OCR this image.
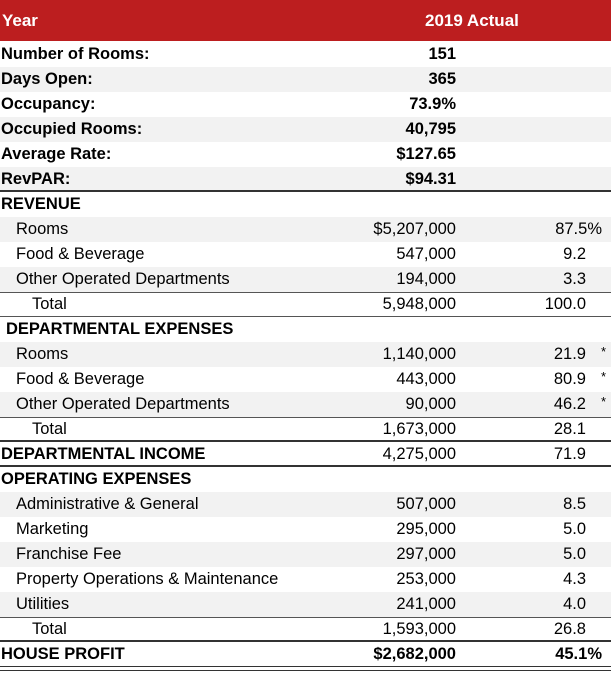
Year	2019 Actual
Number of Rooms:	151
Days Open:	365
Occupancy:	73.9%
Occupied Rooms:	40,795
Average Rate:	$127.65
RevPAR:	$94.31
REVENUE
Rooms	$5,207,000	87.5%
Food & Beverage	547,000	9.2
Other Operated Departments	194,000	3.3
Total	5,948,000	100.0
DEPARTMENTAL EXPENSES
Rooms	1,140,000	21.9 *
Food & Beverage	443,000	80.9 *
Other Operated Departments	90,000	46.2 *
Total	1,673,000	28.1
DEPARTMENTAL INCOME	4,275,000	71.9
OPERATING EXPENSES
Administrative & General	507,000	8.5
Marketing	295,000	5.0
Franchise Fee	297,000	5.0
Property Operations & Maintenance	253,000	4.3
Utilities	241,000	4.0
Total	1,593,000	26.8
HOUSE PROFIT	$2,682,000	45.1%
